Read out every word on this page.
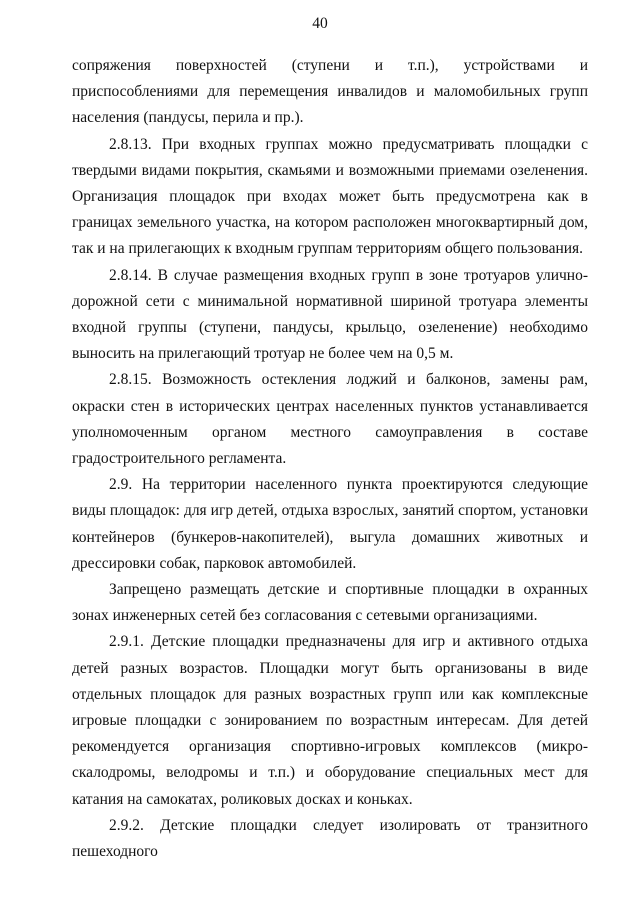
40

сопряжения поверхностей (ступени и т.п.), устройствами и приспособлениями для перемещения инвалидов и маломобильных групп населения (пандусы, перила и пр.).

2.8.13. При входных группах можно предусматривать площадки с твердыми видами покрытия, скамьями и возможными приемами озеленения. Организация площадок при входах может быть предусмотрена как в границах земельного участка, на котором расположен многоквартирный дом, так и на прилегающих к входным группам территориям общего пользования.

2.8.14. В случае размещения входных групп в зоне тротуаров улично-дорожной сети с минимальной нормативной шириной тротуара элементы входной группы (ступени, пандусы, крыльцо, озеленение) необходимо выносить на прилегающий тротуар не более чем на 0,5 м.

2.8.15. Возможность остекления лоджий и балконов, замены рам, окраски стен в исторических центрах населенных пунктов устанавливается уполномоченным органом местного самоуправления в составе градостроительного регламента.

2.9. На территории населенного пункта проектируются следующие виды площадок: для игр детей, отдыха взрослых, занятий спортом, установки контейнеров (бункеров-накопителей), выгула домашних животных и дрессировки собак, парковок автомобилей.

Запрещено размещать детские и спортивные площадки в охранных зонах инженерных сетей без согласования с сетевыми организациями.

2.9.1. Детские площадки предназначены для игр и активного отдыха детей разных возрастов. Площадки могут быть организованы в виде отдельных площадок для разных возрастных групп или как комплексные игровые площадки с зонированием по возрастным интересам. Для детей рекомендуется организация спортивно-игровых комплексов (микро-скалодромы, велодромы и т.п.) и оборудование специальных мест для катания на самокатах, роликовых досках и коньках.

2.9.2. Детские площадки следует изолировать от транзитного пешеходного
